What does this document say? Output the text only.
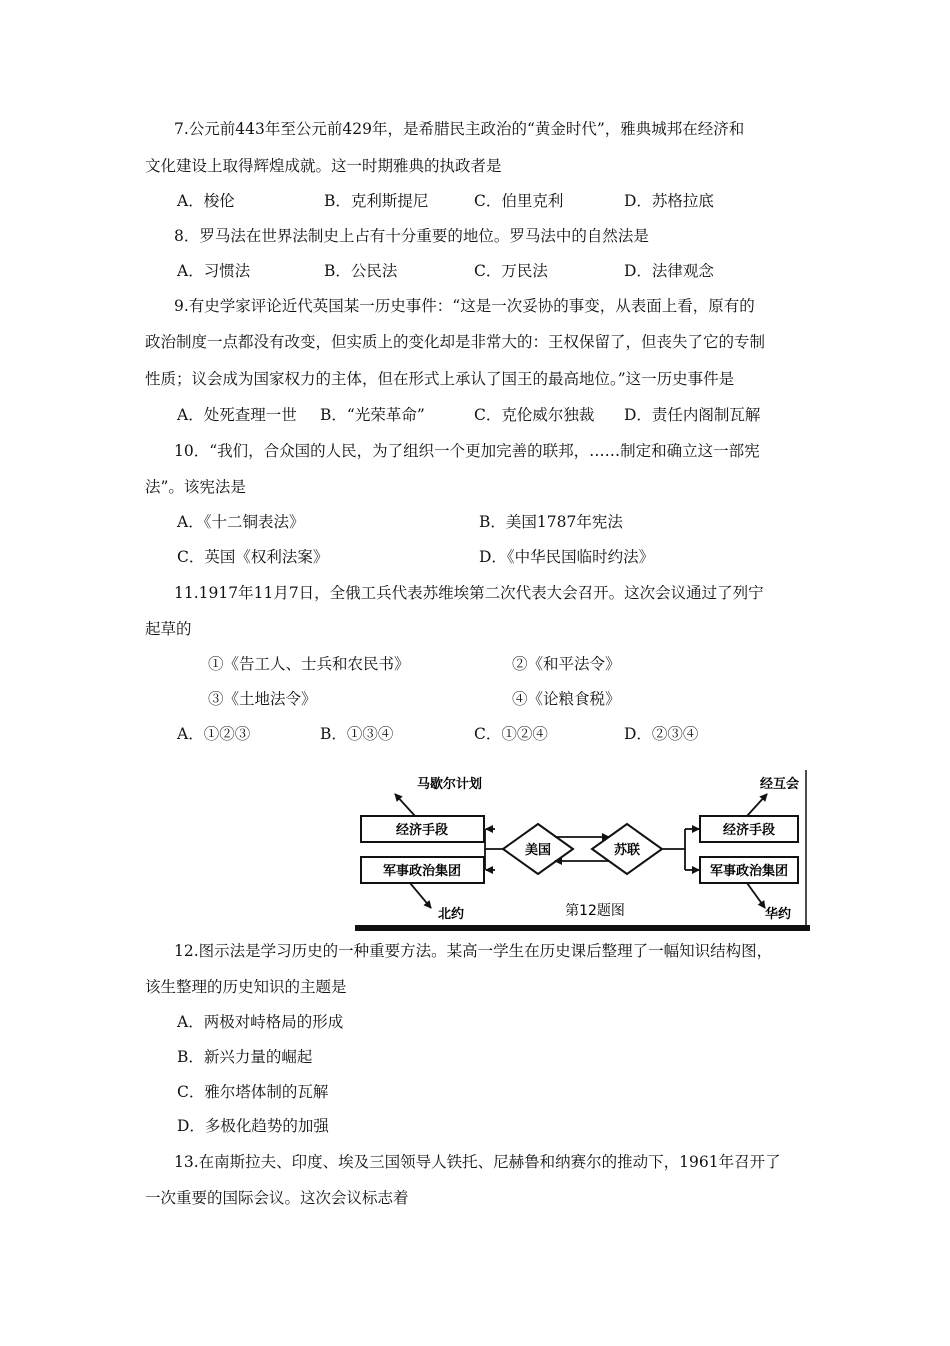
7.公元前443年至公元前429年，是希腊民主政治的“黄金时代”，雅典城邦在经济和
文化建设上取得辉煌成就。这一时期雅典的执政者是
A．梭伦	B．克利斯提尼	C．伯里克利	D．苏格拉底
8．罗马法在世界法制史上占有十分重要的地位。罗马法中的自然法是
A．习惯法	B．公民法	C．万民法	D．法律观念
9.有史学家评论近代英国某一历史事件：“这是一次妥协的事变，从表面上看，原有的
政治制度一点都没有改变，但实质上的变化却是非常大的：王权保留了，但丧失了它的专制
性质；议会成为国家权力的主体，但在形式上承认了国王的最高地位。”这一历史事件是
A．处死查理一世 B．“光荣革命”	C．克伦威尔独裁 D．责任内阁制瓦解
10．“我们，合众国的人民，为了组织一个更加完善的联邦，……制定和确立这一部宪
法”。该宪法是
A．《十二铜表法》	B．美国1787年宪法
C．英国《权利法案》	D．《中华民国临时约法》
11.1917年11月7日，全俄工兵代表苏维埃第二次代表大会召开。这次会议通过了列宁
起草的
①《告工人、士兵和农民书》	②《和平法令》
③《土地法令》	④《论粮食税》
A．①②③	B．①③④	C．①②④	D．②③④
马歇尔计划	经互会
经济手段
军事政治集团
经济手段
军事政治集团
美国	苏联
北约	华约
第12题图
12.图示法是学习历史的一种重要方法。某高一学生在历史课后整理了一幅知识结构图，
该生整理的历史知识的主题是
A．两极对峙格局的形成
B．新兴力量的崛起
C．雅尔塔体制的瓦解
D．多极化趋势的加强
13.在南斯拉夫、印度、埃及三国领导人铁托、尼赫鲁和纳赛尔的推动下，1961年召开了
一次重要的国际会议。这次会议标志着
